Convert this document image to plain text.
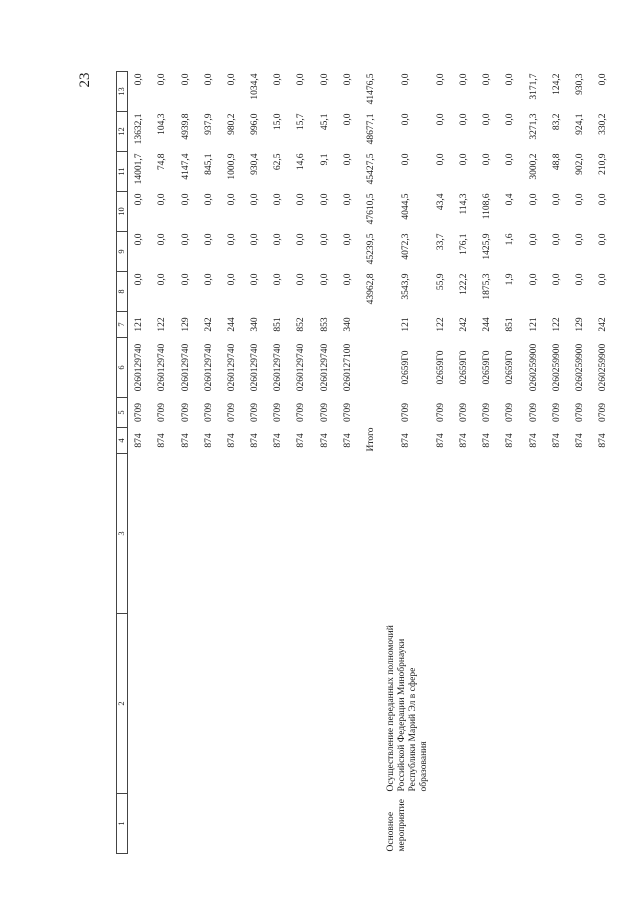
23
1	2	3	4	5	6	7	8	9	10	11	12	13
			874	0709	0260129740	121	0,0	0,0	0,0	14001,7	13632,1	0,0
			874	0709	0260129740	122	0,0	0,0	0,0	74,8	104,3	0,0
			874	0709	0260129740	129	0,0	0,0	0,0	4147,4	4939,8	0,0
			874	0709	0260129740	242	0,0	0,0	0,0	845,1	937,9	0,0
			874	0709	0260129740	244	0,0	0,0	0,0	1000,9	980,2	0,0
			874	0709	0260129740	340	0,0	0,0	0,0	930,4	996,0	1034,4
			874	0709	0260129740	851	0,0	0,0	0,0	62,5	15,0	0,0
			874	0709	0260129740	852	0,0	0,0	0,0	14,6	15,7	0,0
			874	0709	0260129740	853	0,0	0,0	0,0	9,1	45,1	0,0
			874	0709	0260127100	340	0,0	0,0	0,0	0,0	0,0	0,0
			Итого				43962,8	45239,5	47610,5	45427,5	48677,1	41476,5
Основное мероприятие	Осуществление переданных полномочий Российской Федерации Минобрнауки Республики Марий Эл в сфере образования		874	0709	02659Г0	121	3543,9	4072,3	4044,5	0,0	0,0	0,0
			874	0709	02659Г0	122	55,9	33,7	43,4	0,0	0,0	0,0
			874	0709	02659Г0	242	122,2	176,1	114,3	0,0	0,0	0,0
			874	0709	02659Г0	244	1875,3	1425,9	1108,6	0,0	0,0	0,0
			874	0709	02659Г0	851	1,9	1,6	0,4	0,0	0,0	0,0
			874	0709	0260259900	121	0,0	0,0	0,0	3000,2	3271,3	3171,7
			874	0709	0260259900	122	0,0	0,0	0,0	48,8	83,2	124,2
			874	0709	0260259900	129	0,0	0,0	0,0	902,0	924,1	930,3
			874	0709	0260259900	242	0,0	0,0	0,0	210,9	330,2	0,0
